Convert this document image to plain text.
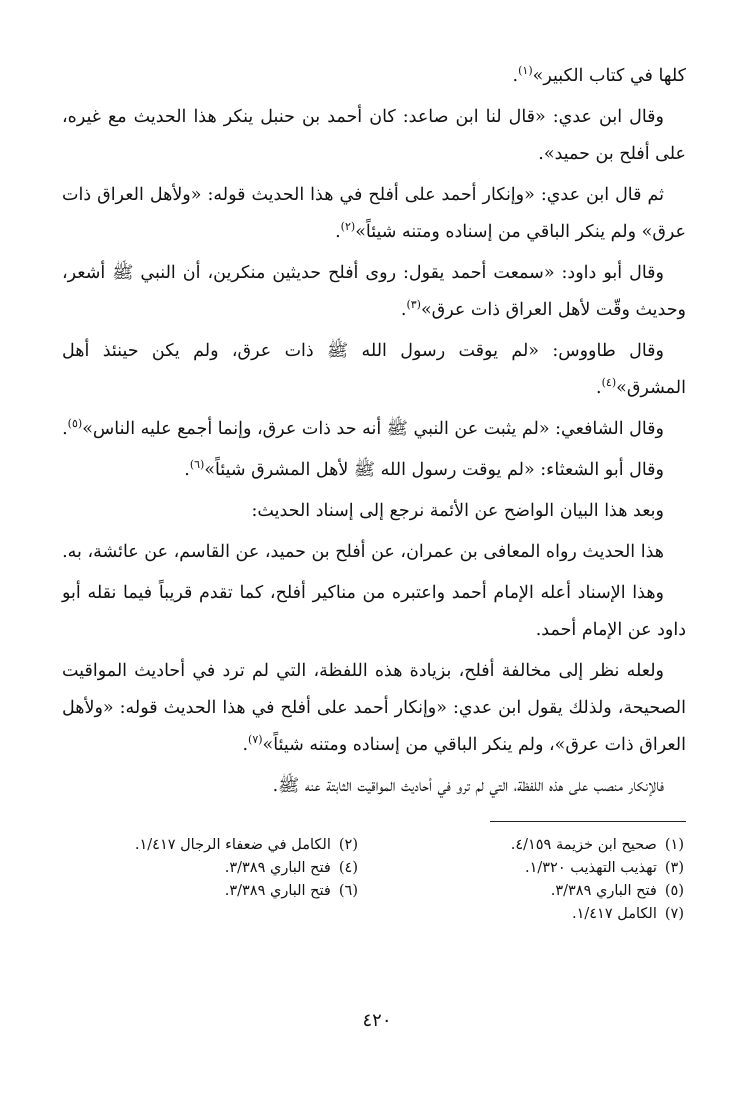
كلها في كتاب الكبير»$^{(١)}$.

وقال ابن عدي: «قال لنا ابن صاعد: كان أحمد بن حنبل ينكر هذا الحديث مع غيره، على أفلح بن حميد».

ثم قال ابن عدي: «وإنكار أحمد على أفلح في هذا الحديث قوله: «ولأهل العراق ذات عرق» ولم ينكر الباقي من إسناده ومتنه شيئاً»$^{(٢)}$.

وقال أبو داود: «سمعت أحمد يقول: روى أفلح حديثين منكرين، أن النبي ﷺ أشعر، وحديث وقّت لأهل العراق ذات عرق»$^{(٣)}$.

وقال طاووس: «لم يوقت رسول الله ﷺ ذات عرق، ولم يكن حينئذ أهل المشرق»$^{(٤)}$.

وقال الشافعي: «لم يثبت عن النبي ﷺ أنه حد ذات عرق، وإنما أجمع عليه الناس»$^{(٥)}$.

وقال أبو الشعثاء: «لم يوقت رسول الله ﷺ لأهل المشرق شيئاً»$^{(٦)}$.

وبعد هذا البيان الواضح عن الأئمة نرجع إلى إسناد الحديث:

هذا الحديث رواه المعافى بن عمران، عن أفلح بن حميد، عن القاسم، عن عائشة، به.

وهذا الإسناد أعله الإمام أحمد واعتبره من مناكير أفلح، كما تقدم قريباً فيما نقله أبو داود عن الإمام أحمد.

ولعله نظر إلى مخالفة أفلح، بزيادة هذه اللفظة، التي لم ترد في أحاديث المواقيت الصحيحة، ولذلك يقول ابن عدي: «وإنكار أحمد على أفلح في هذا الحديث قوله: «ولأهل العراق ذات عرق»، ولم ينكر الباقي من إسناده ومتنه شيئاً»$^{(٧)}$.

فالإنكار منصب على هذه اللفظة، التي لم ترو في أحاديث المواقيت الثابتة عنه ﷺ.

(١)صحيح ابن خزيمة ٤/١٥٩.
(٢)الكامل في ضعفاء الرجال ١/٤١٧.
(٣)تهذيب التهذيب ١/٣٢٠.
(٤)فتح الباري ٣/٣٨٩.
(٥)فتح الباري ٣/٣٨٩.
(٦)فتح الباري ٣/٣٨٩.
(٧)الكامل ١/٤١٧.
٤٢٠
